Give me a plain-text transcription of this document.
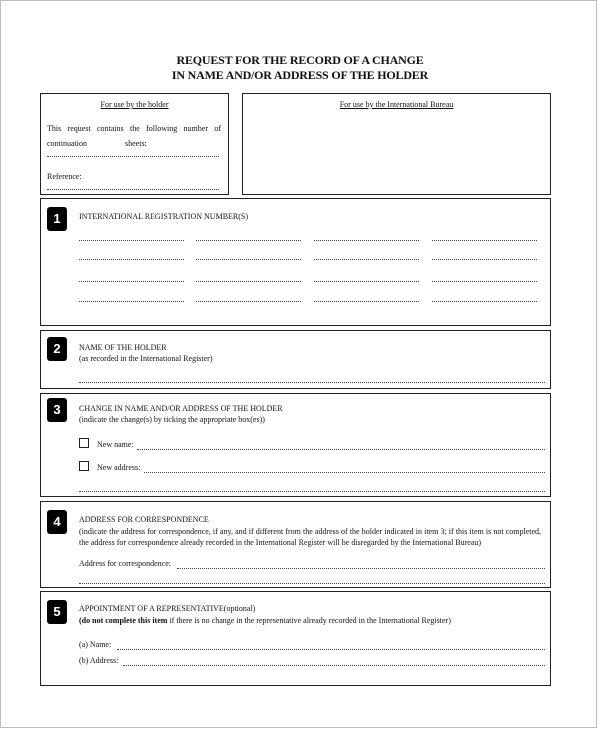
REQUEST FOR THE RECORD OF A CHANGE
IN NAME AND/OR ADDRESS OF THE HOLDER
For use by the holder
This request contains the following number of
continuation	sheets:
Reference:
For use by the International Bureau
1	INTERNATIONAL REGISTRATION NUMBER(S)
2	NAME OF THE HOLDER
(as recorded in the International Register)
3	CHANGE IN NAME AND/OR ADDRESS OF THE HOLDER
(indicate the change(s) by ticking the appropriate box(es))
New name:
New address:
4	ADDRESS FOR CORRESPONDENCE
(indicate the address for correspondence, if any, and if different from the address of the holder indicated in item 3; if this item is not completed, the address for correspondence already recorded in the International Register will be disregarded by the International Bureau)
Address for correspondence:
5	APPOINTMENT OF A REPRESENTATIVE(optional)
(do not complete this item if there is no change in the representative already recorded in the International Register)
(a) Name:
(b) Address:
